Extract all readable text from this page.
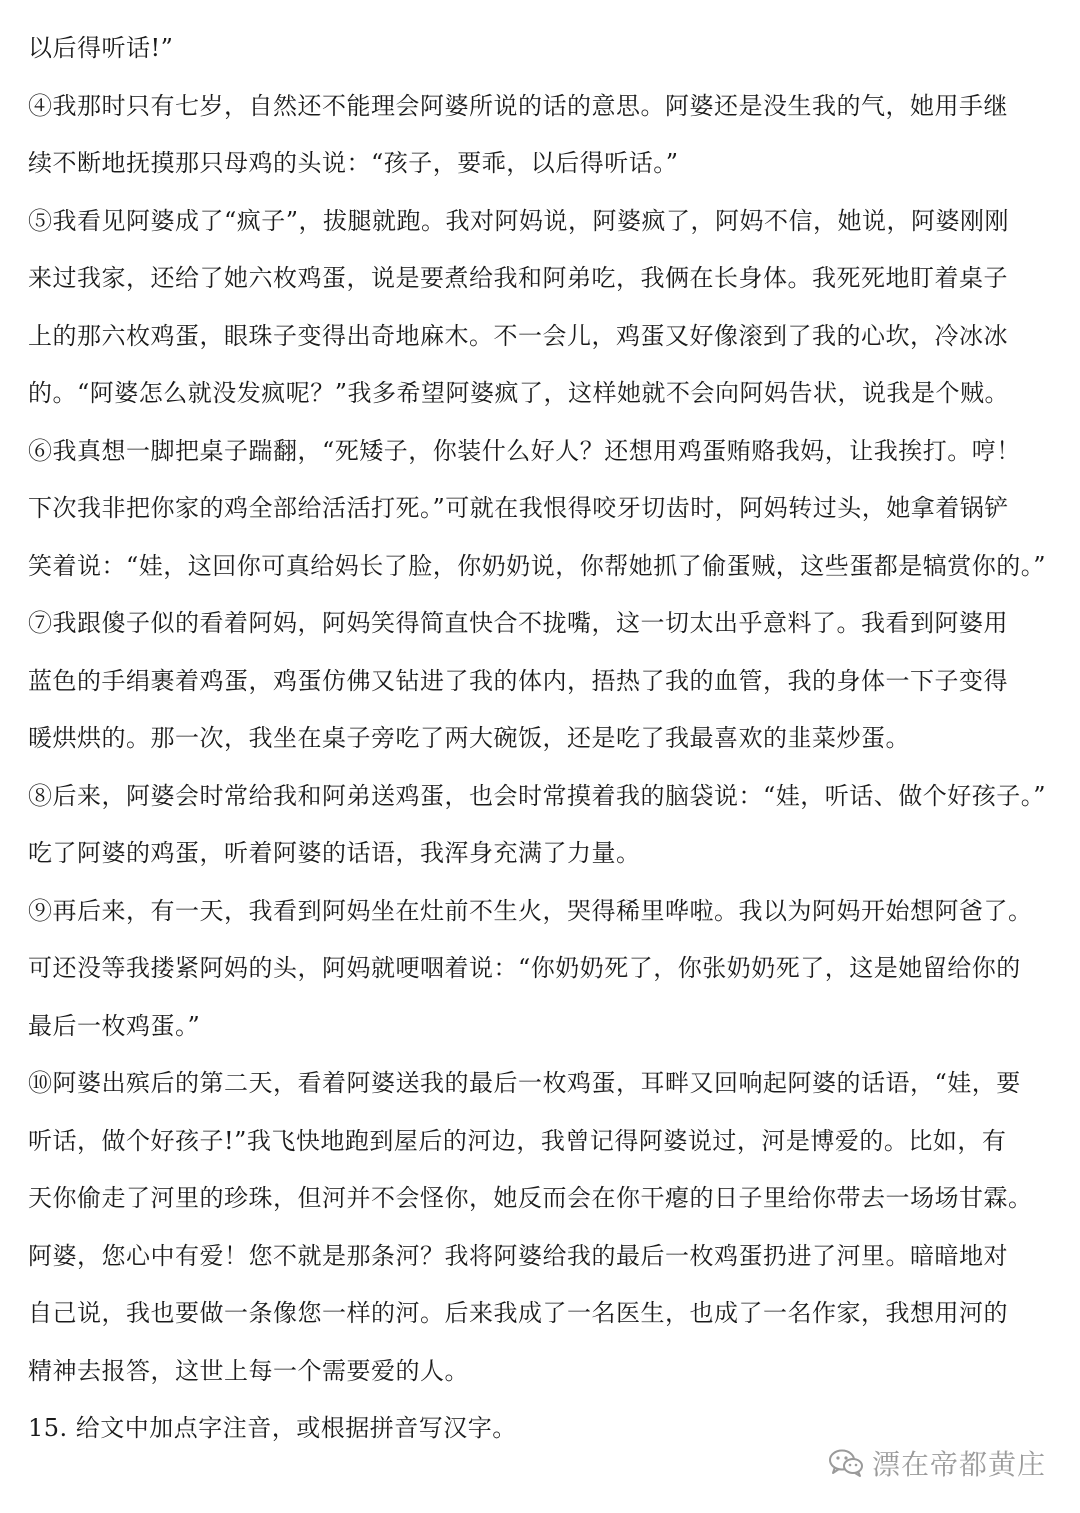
以后得听话!”

④我那时只有七岁，自然还不能理会阿婆所说的话的意思。阿婆还是没生我的气，她用手继

续不断地抚摸那只母鸡的头说：“孩子，要乖，以后得听话。”

⑤我看见阿婆成了“疯子”，拔腿就跑。我对阿妈说，阿婆疯了，阿妈不信，她说，阿婆刚刚

来过我家，还给了她六枚鸡蛋，说是要煮给我和阿弟吃，我俩在长身体。我死死地盯着桌子

上的那六枚鸡蛋，眼珠子变得出奇地麻木。不一会儿，鸡蛋又好像滚到了我的心坎，冷冰冰

的。“阿婆怎么就没发疯呢？”我多希望阿婆疯了，这样她就不会向阿妈告状，说我是个贼。

⑥我真想一脚把桌子踹翻，“死矮子，你装什么好人？还想用鸡蛋贿赂我妈，让我挨打。哼！

下次我非把你家的鸡全部给活活打死。”可就在我恨得咬牙切齿时，阿妈转过头，她拿着锅铲

笑着说：“娃，这回你可真给妈长了脸，你奶奶说，你帮她抓了偷蛋贼，这些蛋都是犒赏你的。”

⑦我跟傻子似的看着阿妈，阿妈笑得简直快合不拢嘴，这一切太出乎意料了。我看到阿婆用

蓝色的手绢裹着鸡蛋，鸡蛋仿佛又钻进了我的体内，捂热了我的血管，我的身体一下子变得

暖烘烘的。那一次，我坐在桌子旁吃了两大碗饭，还是吃了我最喜欢的韭菜炒蛋。

⑧后来，阿婆会时常给我和阿弟送鸡蛋，也会时常摸着我的脑袋说：“娃，听话、做个好孩子。”

吃了阿婆的鸡蛋，听着阿婆的话语，我浑身充满了力量。

⑨再后来，有一天，我看到阿妈坐在灶前不生火，哭得稀里哗啦。我以为阿妈开始想阿爸了。

可还没等我搂紧阿妈的头，阿妈就哽咽着说：“你奶奶死了，你张奶奶死了，这是她留给你的

最后一枚鸡蛋。”

⑩阿婆出殡后的第二天，看着阿婆送我的最后一枚鸡蛋，耳畔又回响起阿婆的话语，“娃，要

听话，做个好孩子!”我飞快地跑到屋后的河边，我曾记得阿婆说过，河是博爱的。比如，有

天你偷走了河里的珍珠，但河并不会怪你，她反而会在你干瘪的日子里给你带去一场场甘霖。

阿婆，您心中有爱！您不就是那条河？我将阿婆给我的最后一枚鸡蛋扔进了河里。暗暗地对

自己说，我也要做一条像您一样的河。后来我成了一名医生，也成了一名作家，我想用河的

精神去报答，这世上每一个需要爱的人。

15. 给文中加点字注音，或根据拼音写汉字。

漂在帝都黄庄
